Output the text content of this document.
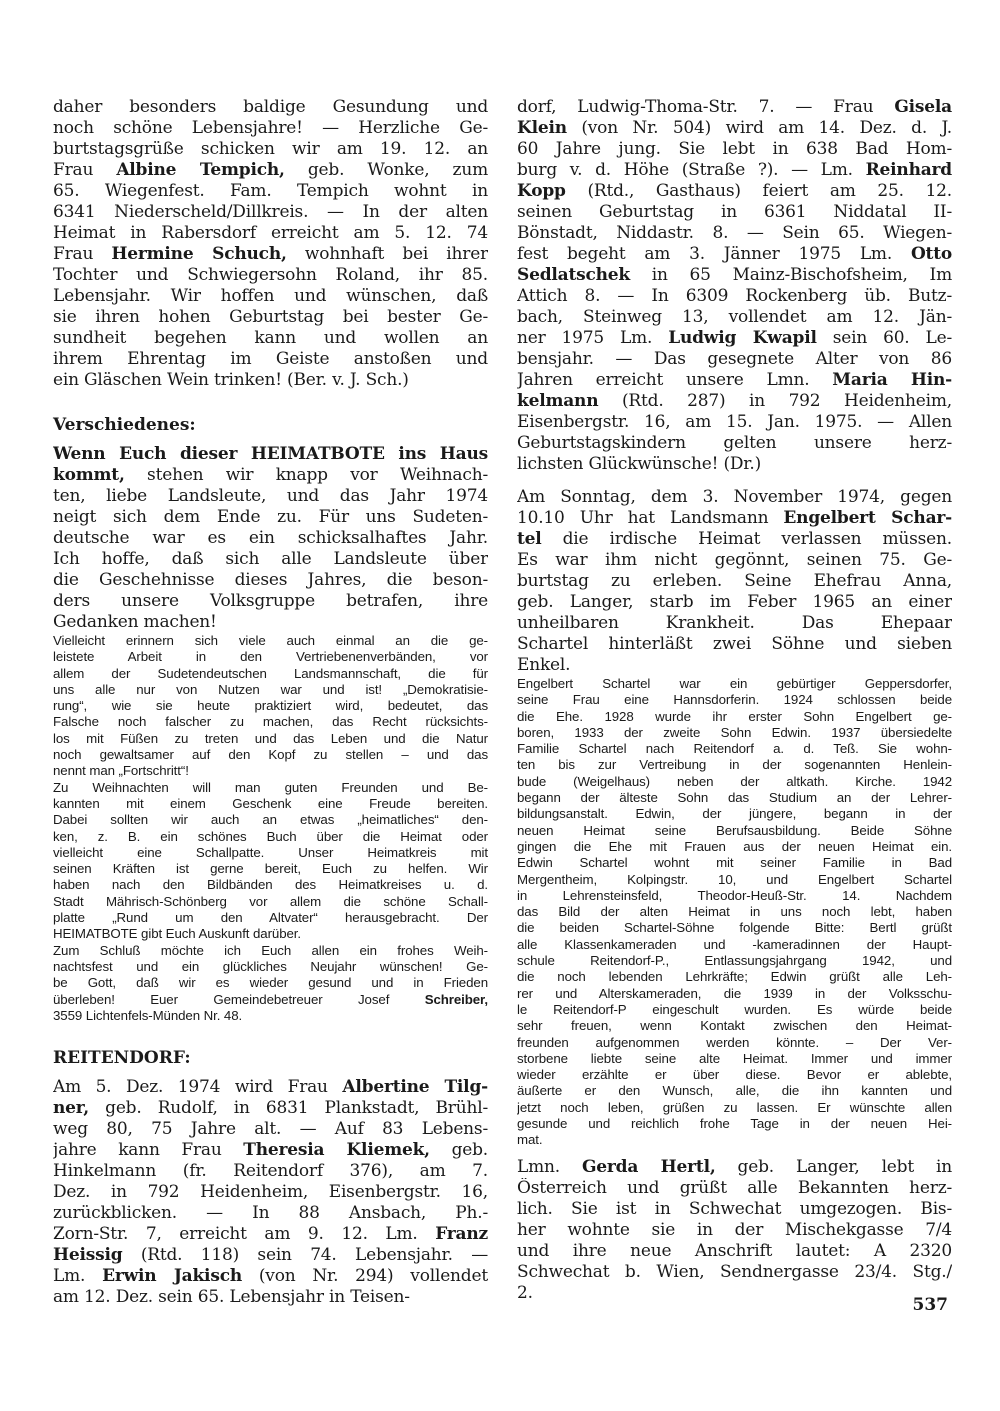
daher besonders baldige Gesundung und
noch schöne Lebensjahre! — Herzliche Ge-
burtstagsgrüße schicken wir am 19. 12. an
Frau Albine Tempich, geb. Wonke, zum
65. Wiegenfest. Fam. Tempich wohnt in
6341 Niederscheld/Dillkreis. — In der alten
Heimat in Rabersdorf erreicht am 5. 12. 74
Frau Hermine Schuch, wohnhaft bei ihrer
Tochter und Schwiegersohn Roland, ihr 85.
Lebensjahr. Wir hoffen und wünschen, daß
sie ihren hohen Geburtstag bei bester Ge-
sundheit begehen kann und wollen an
ihrem Ehrentag im Geiste anstoßen und
ein Gläschen Wein trinken! (Ber. v. J. Sch.)
Verschiedenes:
Wenn Euch dieser HEIMATBOTE ins Haus
kommt, stehen wir knapp vor Weihnach-
ten, liebe Landsleute, und das Jahr 1974
neigt sich dem Ende zu. Für uns Sudeten-
deutsche war es ein schicksalhaftes Jahr.
Ich hoffe, daß sich alle Landsleute über
die Geschehnisse dieses Jahres, die beson-
ders unsere Volksgruppe betrafen, ihre
Gedanken machen!
Vielleicht erinnern sich viele auch einmal an die ge-
leistete Arbeit in den Vertriebenenverbänden, vor
allem der Sudetendeutschen Landsmannschaft, die für
uns alle nur von Nutzen war und ist! „Demokratisie-
rung“, wie sie heute praktiziert wird, bedeutet, das
Falsche noch falscher zu machen, das Recht rücksichts-
los mit Füßen zu treten und das Leben und die Natur
noch gewaltsamer auf den Kopf zu stellen – und das
nennt man „Fortschritt“!
Zu Weihnachten will man guten Freunden und Be-
kannten mit einem Geschenk eine Freude bereiten.
Dabei sollten wir auch an etwas „heimatliches“ den-
ken, z. B. ein schönes Buch über die Heimat oder
vielleicht eine Schallpatte. Unser Heimatkreis mit
seinen Kräften ist gerne bereit, Euch zu helfen. Wir
haben nach den Bildbänden des Heimatkreises u. d.
Stadt Mährisch-Schönberg vor allem die schöne Schall-
platte „Rund um den Altvater“ herausgebracht. Der
HEIMATBOTE gibt Euch Auskunft darüber.
Zum Schluß möchte ich Euch allen ein frohes Weih-
nachtsfest und ein glückliches Neujahr wünschen! Ge-
be Gott, daß wir es wieder gesund und in Frieden
überleben! Euer Gemeindebetreuer Josef Schreiber,
3559 Lichtenfels-Münden Nr. 48.
REITENDORF:
Am 5. Dez. 1974 wird Frau Albertine Tilg-
ner, geb. Rudolf, in 6831 Plankstadt, Brühl-
weg 80, 75 Jahre alt. — Auf 83 Lebens-
jahre kann Frau Theresia Kliemek, geb.
Hinkelmann (fr. Reitendorf 376), am 7.
Dez. in 792 Heidenheim, Eisenbergstr. 16,
zurückblicken. — In 88 Ansbach, Ph.-
Zorn-Str. 7, erreicht am 9. 12. Lm. Franz
Heissig (Rtd. 118) sein 74. Lebensjahr. —
Lm. Erwin Jakisch (von Nr. 294) vollendet
am 12. Dez. sein 65. Lebensjahr in Teisen-
dorf, Ludwig-Thoma-Str. 7. — Frau Gisela
Klein (von Nr. 504) wird am 14. Dez. d. J.
60 Jahre jung. Sie lebt in 638 Bad Hom-
burg v. d. Höhe (Straße ?). — Lm. Reinhard
Kopp (Rtd., Gasthaus) feiert am 25. 12.
seinen Geburtstag in 6361 Niddatal II-
Bönstadt, Niddastr. 8. — Sein 65. Wiegen-
fest begeht am 3. Jänner 1975 Lm. Otto
Sedlatschek in 65 Mainz-Bischofsheim, Im
Attich 8. — In 6309 Rockenberg üb. Butz-
bach, Steinweg 13, vollendet am 12. Jän-
ner 1975 Lm. Ludwig Kwapil sein 60. Le-
bensjahr. — Das gesegnete Alter von 86
Jahren erreicht unsere Lmn. Maria Hin-
kelmann (Rtd. 287) in 792 Heidenheim,
Eisenbergstr. 16, am 15. Jan. 1975. — Allen
Geburtstagskindern gelten unsere herz-
lichsten Glückwünsche! (Dr.)
Am Sonntag, dem 3. November 1974, gegen
10.10 Uhr hat Landsmann Engelbert Schar-
tel die irdische Heimat verlassen müssen.
Es war ihm nicht gegönnt, seinen 75. Ge-
burtstag zu erleben. Seine Ehefrau Anna,
geb. Langer, starb im Feber 1965 an einer
unheilbaren Krankheit. Das Ehepaar
Schartel hinterläßt zwei Söhne und sieben
Enkel.
Engelbert Schartel war ein gebürtiger Geppersdorfer,
seine Frau eine Hannsdorferin. 1924 schlossen beide
die Ehe. 1928 wurde ihr erster Sohn Engelbert ge-
boren, 1933 der zweite Sohn Edwin. 1937 übersiedelte
Familie Schartel nach Reitendorf a. d. Teß. Sie wohn-
ten bis zur Vertreibung in der sogenannten Henlein-
bude (Weigelhaus) neben der altkath. Kirche. 1942
begann der älteste Sohn das Studium an der Lehrer-
bildungsanstalt. Edwin, der jüngere, begann in der
neuen Heimat seine Berufsausbildung. Beide Söhne
gingen die Ehe mit Frauen aus der neuen Heimat ein.
Edwin Schartel wohnt mit seiner Familie in Bad
Mergentheim, Kolpingstr. 10, und Engelbert Schartel
in Lehrensteinsfeld, Theodor-Heuß-Str. 14. Nachdem
das Bild der alten Heimat in uns noch lebt, haben
die beiden Schartel-Söhne folgende Bitte: Bertl grüßt
alle Klassenkameraden und -kameradinnen der Haupt-
schule Reitendorf-P., Entlassungsjahrgang 1942, und
die noch lebenden Lehrkräfte; Edwin grüßt alle Leh-
rer und Alterskameraden, die 1939 in der Volksschu-
le Reitendorf-P eingeschult wurden. Es würde beide
sehr freuen, wenn Kontakt zwischen den Heimat-
freunden aufgenommen werden könnte. – Der Ver-
storbene liebte seine alte Heimat. Immer und immer
wieder erzählte er über diese. Bevor er ablebte,
äußerte er den Wunsch, alle, die ihn kannten und
jetzt noch leben, grüßen zu lassen. Er wünschte allen
gesunde und reichlich frohe Tage in der neuen Hei-
mat.
Lmn. Gerda Hertl, geb. Langer, lebt in
Österreich und grüßt alle Bekannten herz-
lich. Sie ist in Schwechat umgezogen. Bis-
her wohnte sie in der Mischekgasse 7/4
und ihre neue Anschrift lautet: A 2320
Schwechat b. Wien, Sendnergasse 23/4. Stg./
2.
537
